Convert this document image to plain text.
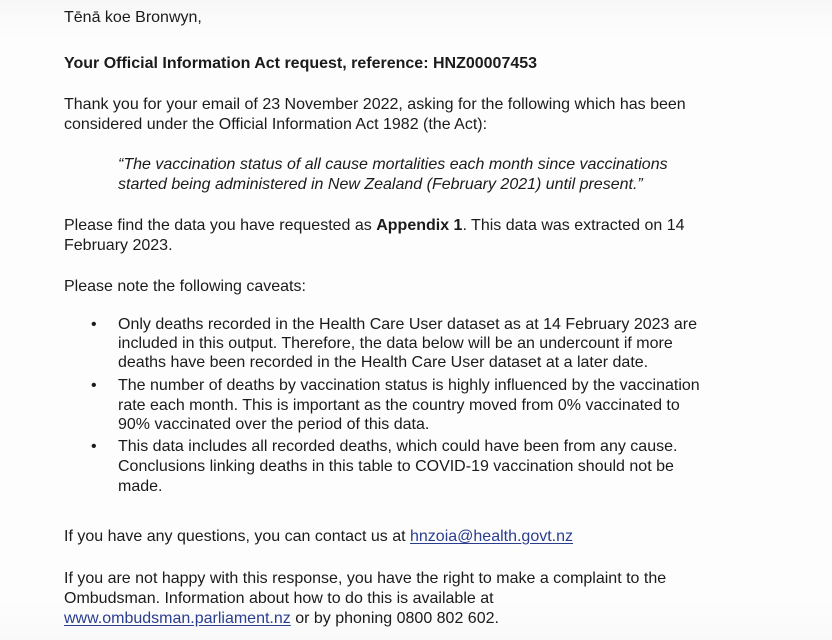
Tēnā koe Bronwyn,
Your Official Information Act request, reference: HNZ00007453
Thank you for your email of 23 November 2022, asking for the following which has been
considered under the Official Information Act 1982 (the Act):
“The vaccination status of all cause mortalities each month since vaccinations
started being administered in New Zealand (February 2021) until present.”
Please find the data you have requested as Appendix 1. This data was extracted on 14
February 2023.
Please note the following caveats:
• Only deaths recorded in the Health Care User dataset as at 14 February 2023 are
included in this output. Therefore, the data below will be an undercount if more
deaths have been recorded in the Health Care User dataset at a later date.
• The number of deaths by vaccination status is highly influenced by the vaccination
rate each month. This is important as the country moved from 0% vaccinated to
90% vaccinated over the period of this data.
• This data includes all recorded deaths, which could have been from any cause.
Conclusions linking deaths in this table to COVID-19 vaccination should not be
made.
If you have any questions, you can contact us at hnzoia@health.govt.nz
If you are not happy with this response, you have the right to make a complaint to the
Ombudsman. Information about how to do this is available at
www.ombudsman.parliament.nz or by phoning 0800 802 602.
